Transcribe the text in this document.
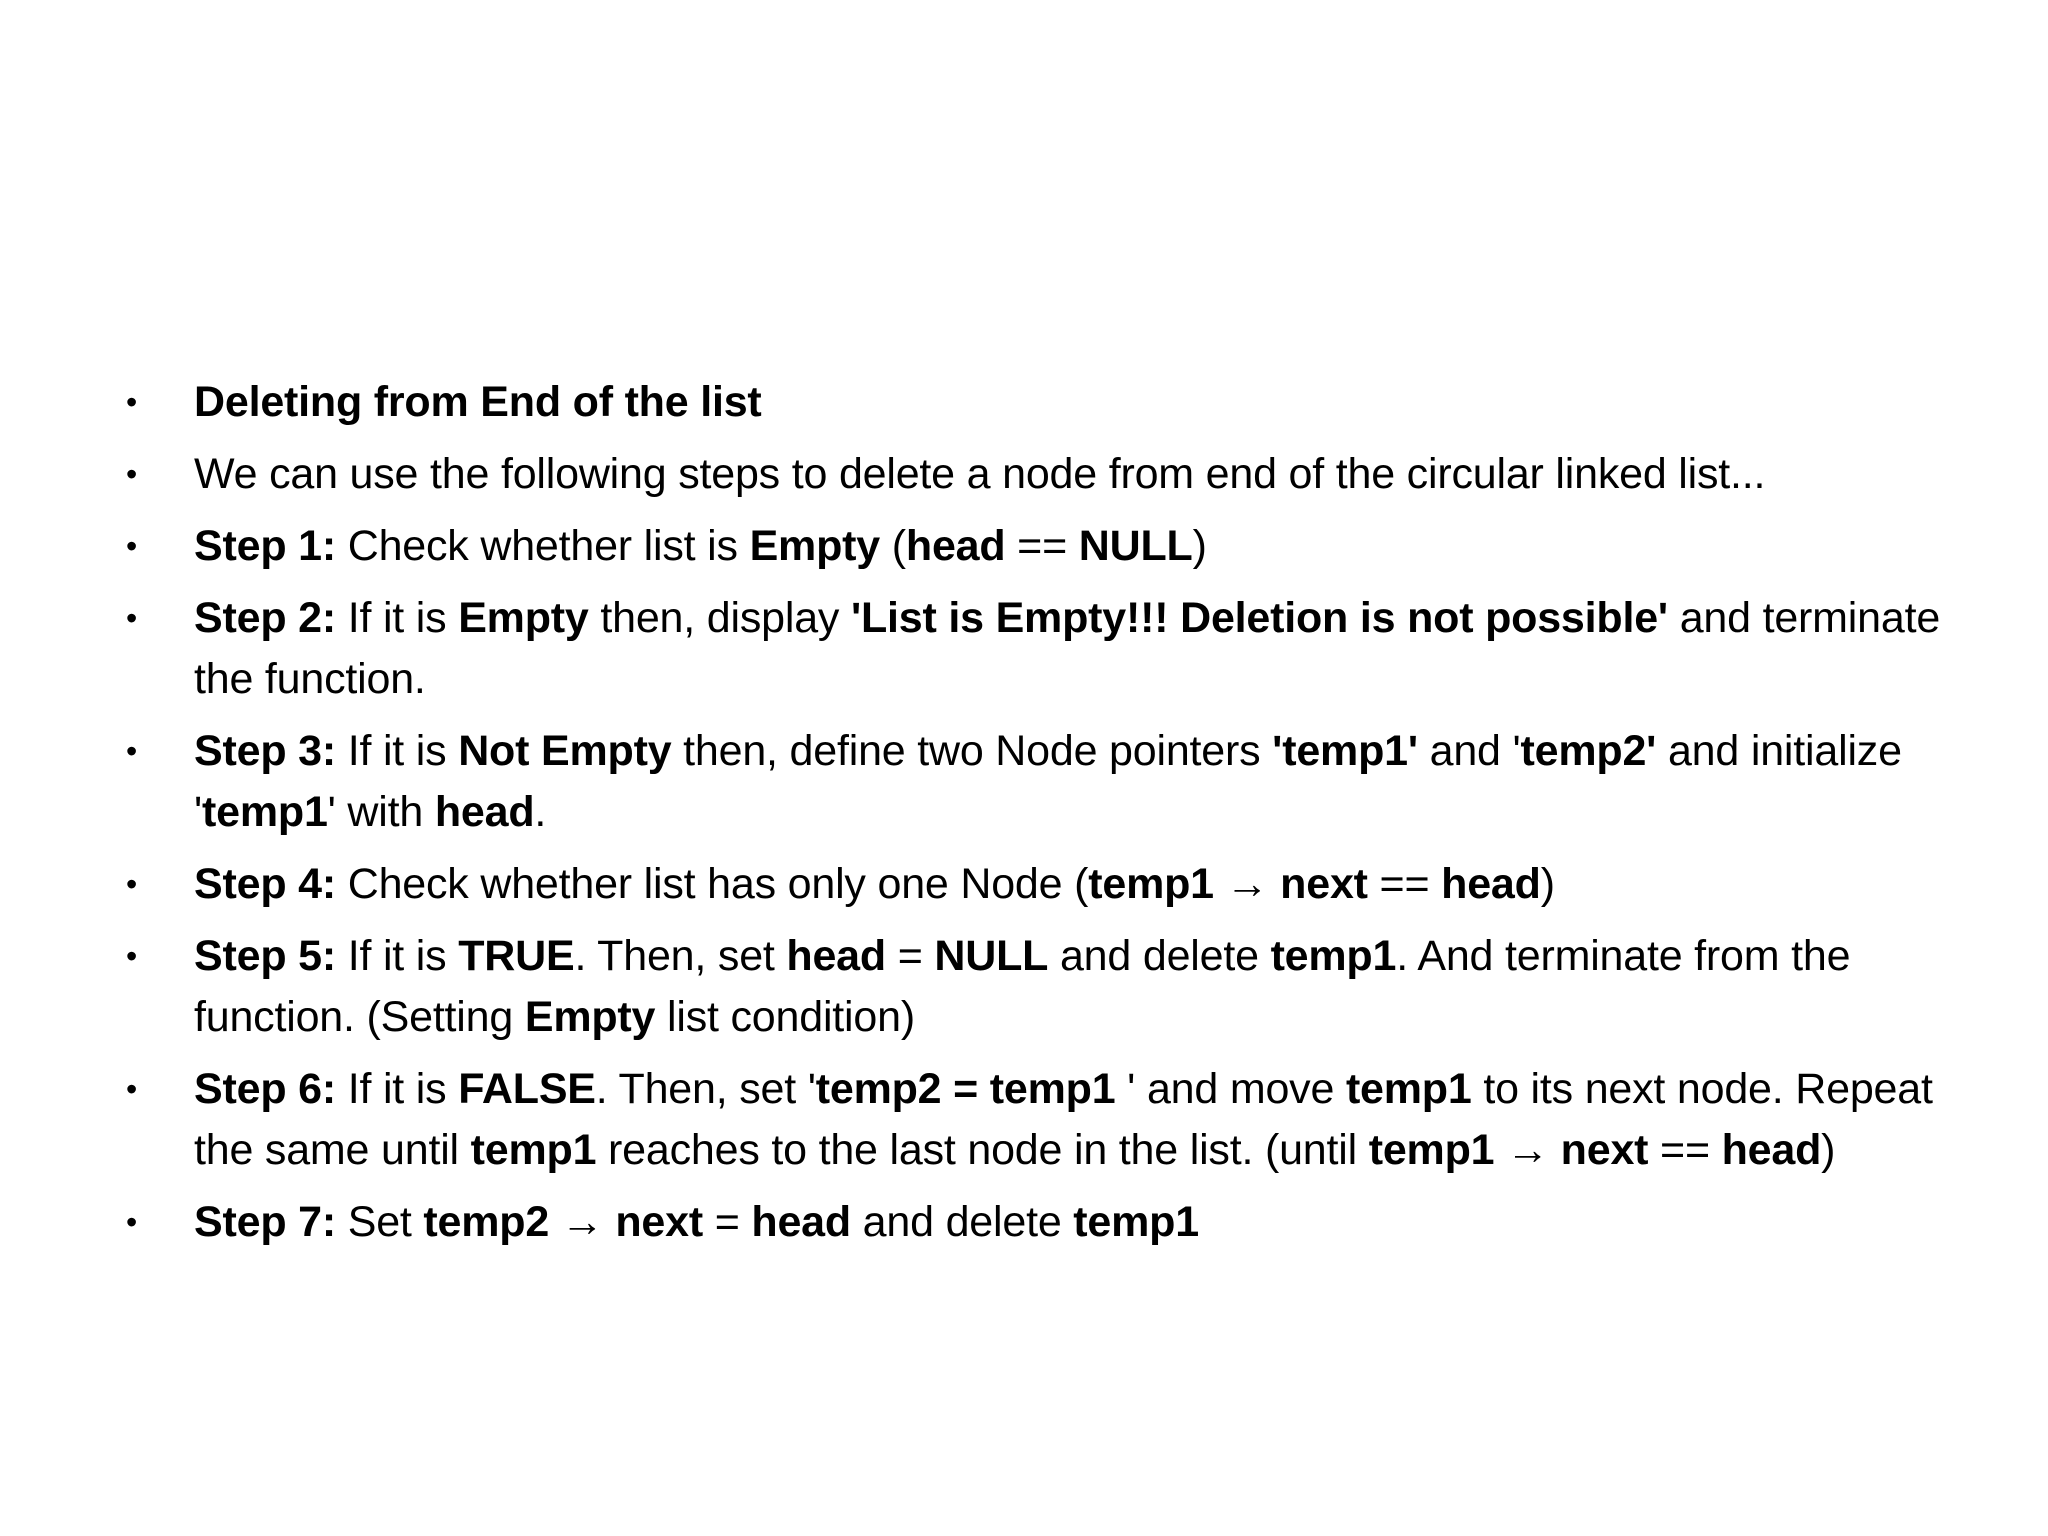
• Deleting from End of the list
• We can use the following steps to delete a node from end of the circular linked list...
• Step 1: Check whether list is Empty (head == NULL)
• Step 2: If it is Empty then, display 'List is Empty!!! Deletion is not possible' and terminate the function.
• Step 3: If it is Not Empty then, define two Node pointers 'temp1' and 'temp2' and initialize 'temp1' with head.
• Step 4: Check whether list has only one Node (temp1 → next == head)
• Step 5: If it is TRUE. Then, set head = NULL and delete temp1. And terminate from the function. (Setting Empty list condition)
• Step 6: If it is FALSE. Then, set 'temp2 = temp1 ' and move temp1 to its next node. Repeat the same until temp1 reaches to the last node in the list. (until temp1 → next == head)
• Step 7: Set temp2 → next = head and delete temp1
